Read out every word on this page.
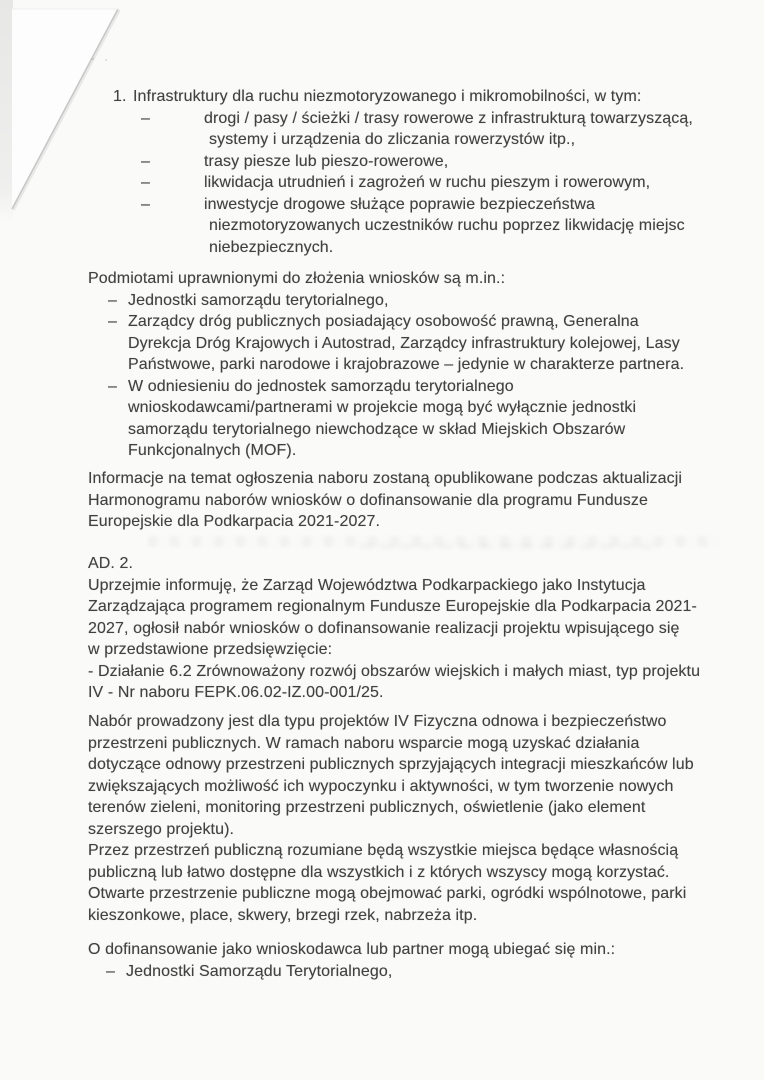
1. Infrastruktury dla ruchu niezmotoryzowanego i mikromobilności, w tym:
–	drogi / pasy / ścieżki / trasy rowerowe z infrastrukturą towarzyszącą,
systemy i urządzenia do zliczania rowerzystów itp.,
–	trasy piesze lub pieszo-rowerowe,
–	likwidacja utrudnień i zagrożeń w ruchu pieszym i rowerowym,
–	inwestycje drogowe służące poprawie bezpieczeństwa
niezmotoryzowanych uczestników ruchu poprzez likwidację miejsc
niebezpiecznych.
Podmiotami uprawnionymi do złożenia wniosków są m.in.:
– Jednostki samorządu terytorialnego,
– Zarządcy dróg publicznych posiadający osobowość prawną, Generalna
Dyrekcja Dróg Krajowych i Autostrad, Zarządcy infrastruktury kolejowej, Lasy
Państwowe, parki narodowe i krajobrazowe – jedynie w charakterze partnera.
– W odniesieniu do jednostek samorządu terytorialnego
wnioskodawcami/partnerami w projekcie mogą być wyłącznie jednostki
samorządu terytorialnego niewchodzące w skład Miejskich Obszarów
Funkcjonalnych (MOF).
Informacje na temat ogłoszenia naboru zostaną opublikowane podczas aktualizacji
Harmonogramu naborów wniosków o dofinansowanie dla programu Fundusze
Europejskie dla Podkarpacia 2021-2027.
AD. 2.
Uprzejmie informuję, że Zarząd Województwa Podkarpackiego jako Instytucja
Zarządzająca programem regionalnym Fundusze Europejskie dla Podkarpacia 2021-
2027, ogłosił nabór wniosków o dofinansowanie realizacji projektu wpisującego się
w przedstawione przedsięwzięcie:
- Działanie 6.2 Zrównoważony rozwój obszarów wiejskich i małych miast, typ projektu
IV - Nr naboru FEPK.06.02-IZ.00-001/25.
Nabór prowadzony jest dla typu projektów IV Fizyczna odnowa i bezpieczeństwo
przestrzeni publicznych. W ramach naboru wsparcie mogą uzyskać działania
dotyczące odnowy przestrzeni publicznych sprzyjających integracji mieszkańców lub
zwiększających możliwość ich wypoczynku i aktywności, w tym tworzenie nowych
terenów zieleni, monitoring przestrzeni publicznych, oświetlenie (jako element
szerszego projektu).
Przez przestrzeń publiczną rozumiane będą wszystkie miejsca będące własnością
publiczną lub łatwo dostępne dla wszystkich i z których wszyscy mogą korzystać.
Otwarte przestrzenie publiczne mogą obejmować parki, ogródki wspólnotowe, parki
kieszonkowe, place, skwery, brzegi rzek, nabrzeża itp.
O dofinansowanie jako wnioskodawca lub partner mogą ubiegać się min.:
– Jednostki Samorządu Terytorialnego,
